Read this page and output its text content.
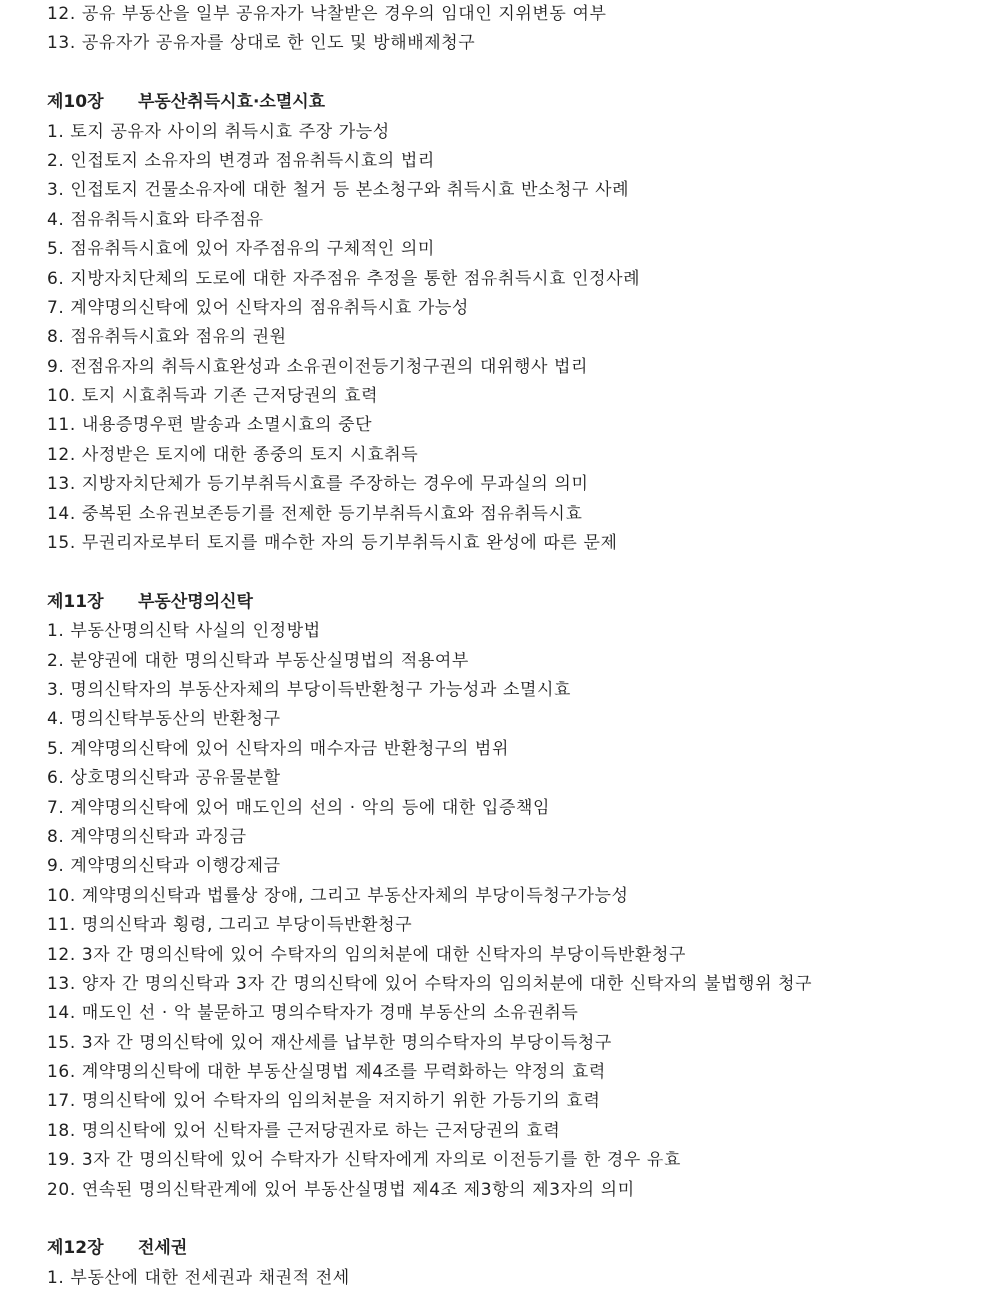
12. 공유 부동산을 일부 공유자가 낙찰받은 경우의 임대인 지위변동 여부
13. 공유자가 공유자를 상대로 한 인도 및 방해배제청구
제10장	부동산취득시효·소멸시효
1. 토지 공유자 사이의 취득시효 주장 가능성
2. 인접토지 소유자의 변경과 점유취득시효의 법리
3. 인접토지 건물소유자에 대한 철거 등 본소청구와 취득시효 반소청구 사례
4. 점유취득시효와 타주점유
5. 점유취득시효에 있어 자주점유의 구체적인 의미
6. 지방자치단체의 도로에 대한 자주점유 추정을 통한 점유취득시효 인정사례
7. 계약명의신탁에 있어 신탁자의 점유취득시효 가능성
8. 점유취득시효와 점유의 권원
9. 전점유자의 취득시효완성과 소유권이전등기청구권의 대위행사 법리
10. 토지 시효취득과 기존 근저당권의 효력
11. 내용증명우편 발송과 소멸시효의 중단
12. 사정받은 토지에 대한 종중의 토지 시효취득
13. 지방자치단체가 등기부취득시효를 주장하는 경우에 무과실의 의미
14. 중복된 소유권보존등기를 전제한 등기부취득시효와 점유취득시효
15. 무권리자로부터 토지를 매수한 자의 등기부취득시효 완성에 따른 문제
제11장	부동산명의신탁
1. 부동산명의신탁 사실의 인정방법
2. 분양권에 대한 명의신탁과 부동산실명법의 적용여부
3. 명의신탁자의 부동산자체의 부당이득반환청구 가능성과 소멸시효
4. 명의신탁부동산의 반환청구
5. 계약명의신탁에 있어 신탁자의 매수자금 반환청구의 범위
6. 상호명의신탁과 공유물분할
7. 계약명의신탁에 있어 매도인의 선의 · 악의 등에 대한 입증책임
8. 계약명의신탁과 과징금
9. 계약명의신탁과 이행강제금
10. 계약명의신탁과 법률상 장애, 그리고 부동산자체의 부당이득청구가능성
11. 명의신탁과 횡령, 그리고 부당이득반환청구
12. 3자 간 명의신탁에 있어 수탁자의 임의처분에 대한 신탁자의 부당이득반환청구
13. 양자 간 명의신탁과 3자 간 명의신탁에 있어 수탁자의 임의처분에 대한 신탁자의 불법행위 청구
14. 매도인 선 · 악 불문하고 명의수탁자가 경매 부동산의 소유권취득
15. 3자 간 명의신탁에 있어 재산세를 납부한 명의수탁자의 부당이득청구
16. 계약명의신탁에 대한 부동산실명법 제4조를 무력화하는 약정의 효력
17. 명의신탁에 있어 수탁자의 임의처분을 저지하기 위한 가등기의 효력
18. 명의신탁에 있어 신탁자를 근저당권자로 하는 근저당권의 효력
19. 3자 간 명의신탁에 있어 수탁자가 신탁자에게 자의로 이전등기를 한 경우 유효
20. 연속된 명의신탁관계에 있어 부동산실명법 제4조 제3항의 제3자의 의미
제12장	전세권
1. 부동산에 대한 전세권과 채권적 전세
